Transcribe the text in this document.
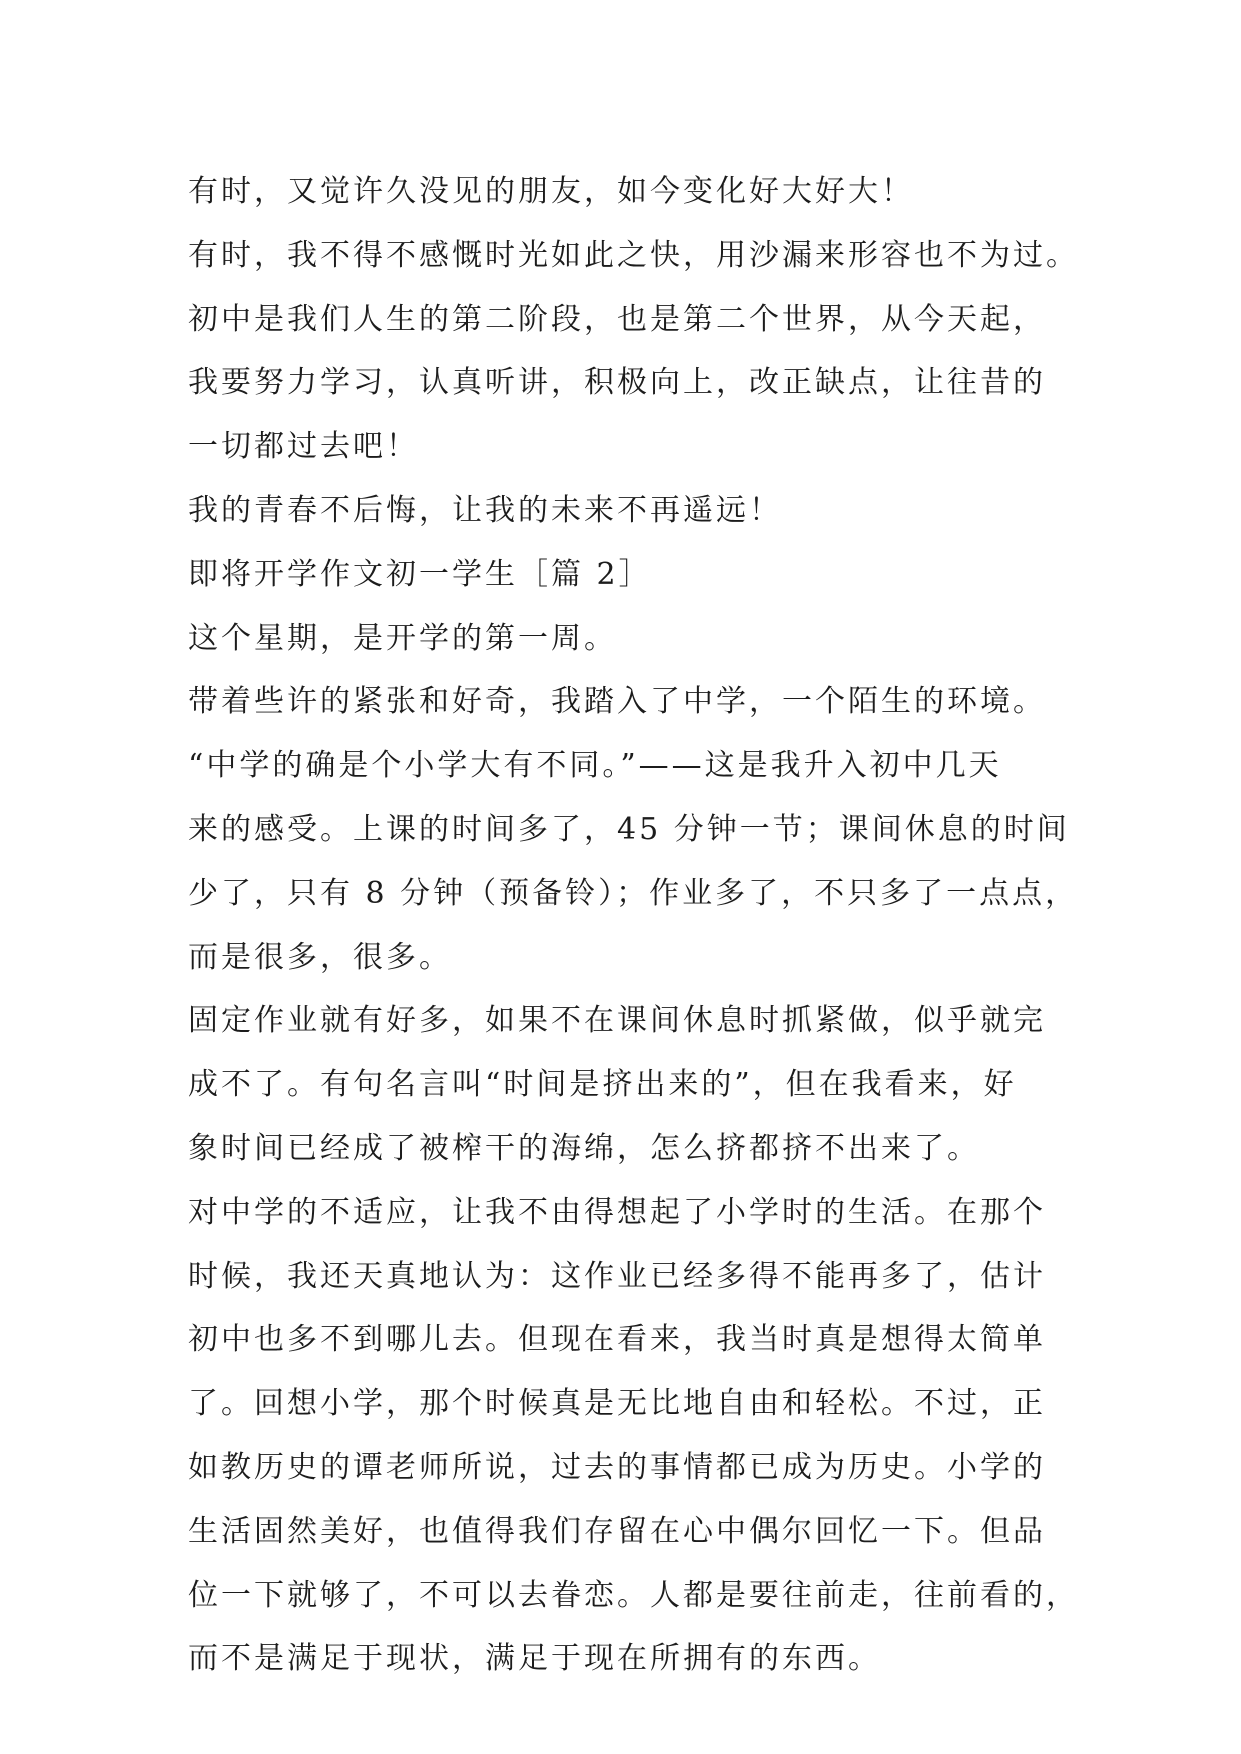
有时，又觉许久没见的朋友，如今变化好大好大！
有时，我不得不感慨时光如此之快，用沙漏来形容也不为过。
初中是我们人生的第二阶段，也是第二个世界，从今天起，
我要努力学习，认真听讲，积极向上，改正缺点，让往昔的
一切都过去吧！
我的青春不后悔，让我的未来不再遥远！
即将开学作文初一学生［篇 2］
这个星期，是开学的第一周。
带着些许的紧张和好奇，我踏入了中学，一个陌生的环境。
“中学的确是个小学大有不同。”——这是我升入初中几天
来的感受。上课的时间多了，45 分钟一节；课间休息的时间
少了，只有 8 分钟（预备铃）；作业多了，不只多了一点点，
而是很多，很多。
固定作业就有好多，如果不在课间休息时抓紧做，似乎就完
成不了。有句名言叫“时间是挤出来的”，但在我看来，好
象时间已经成了被榨干的海绵，怎么挤都挤不出来了。
对中学的不适应，让我不由得想起了小学时的生活。在那个
时候，我还天真地认为：这作业已经多得不能再多了，估计
初中也多不到哪儿去。但现在看来，我当时真是想得太简单
了。回想小学，那个时候真是无比地自由和轻松。不过，正
如教历史的谭老师所说，过去的事情都已成为历史。小学的
生活固然美好，也值得我们存留在心中偶尔回忆一下。但品
位一下就够了，不可以去眷恋。人都是要往前走，往前看的，
而不是满足于现状，满足于现在所拥有的东西。
